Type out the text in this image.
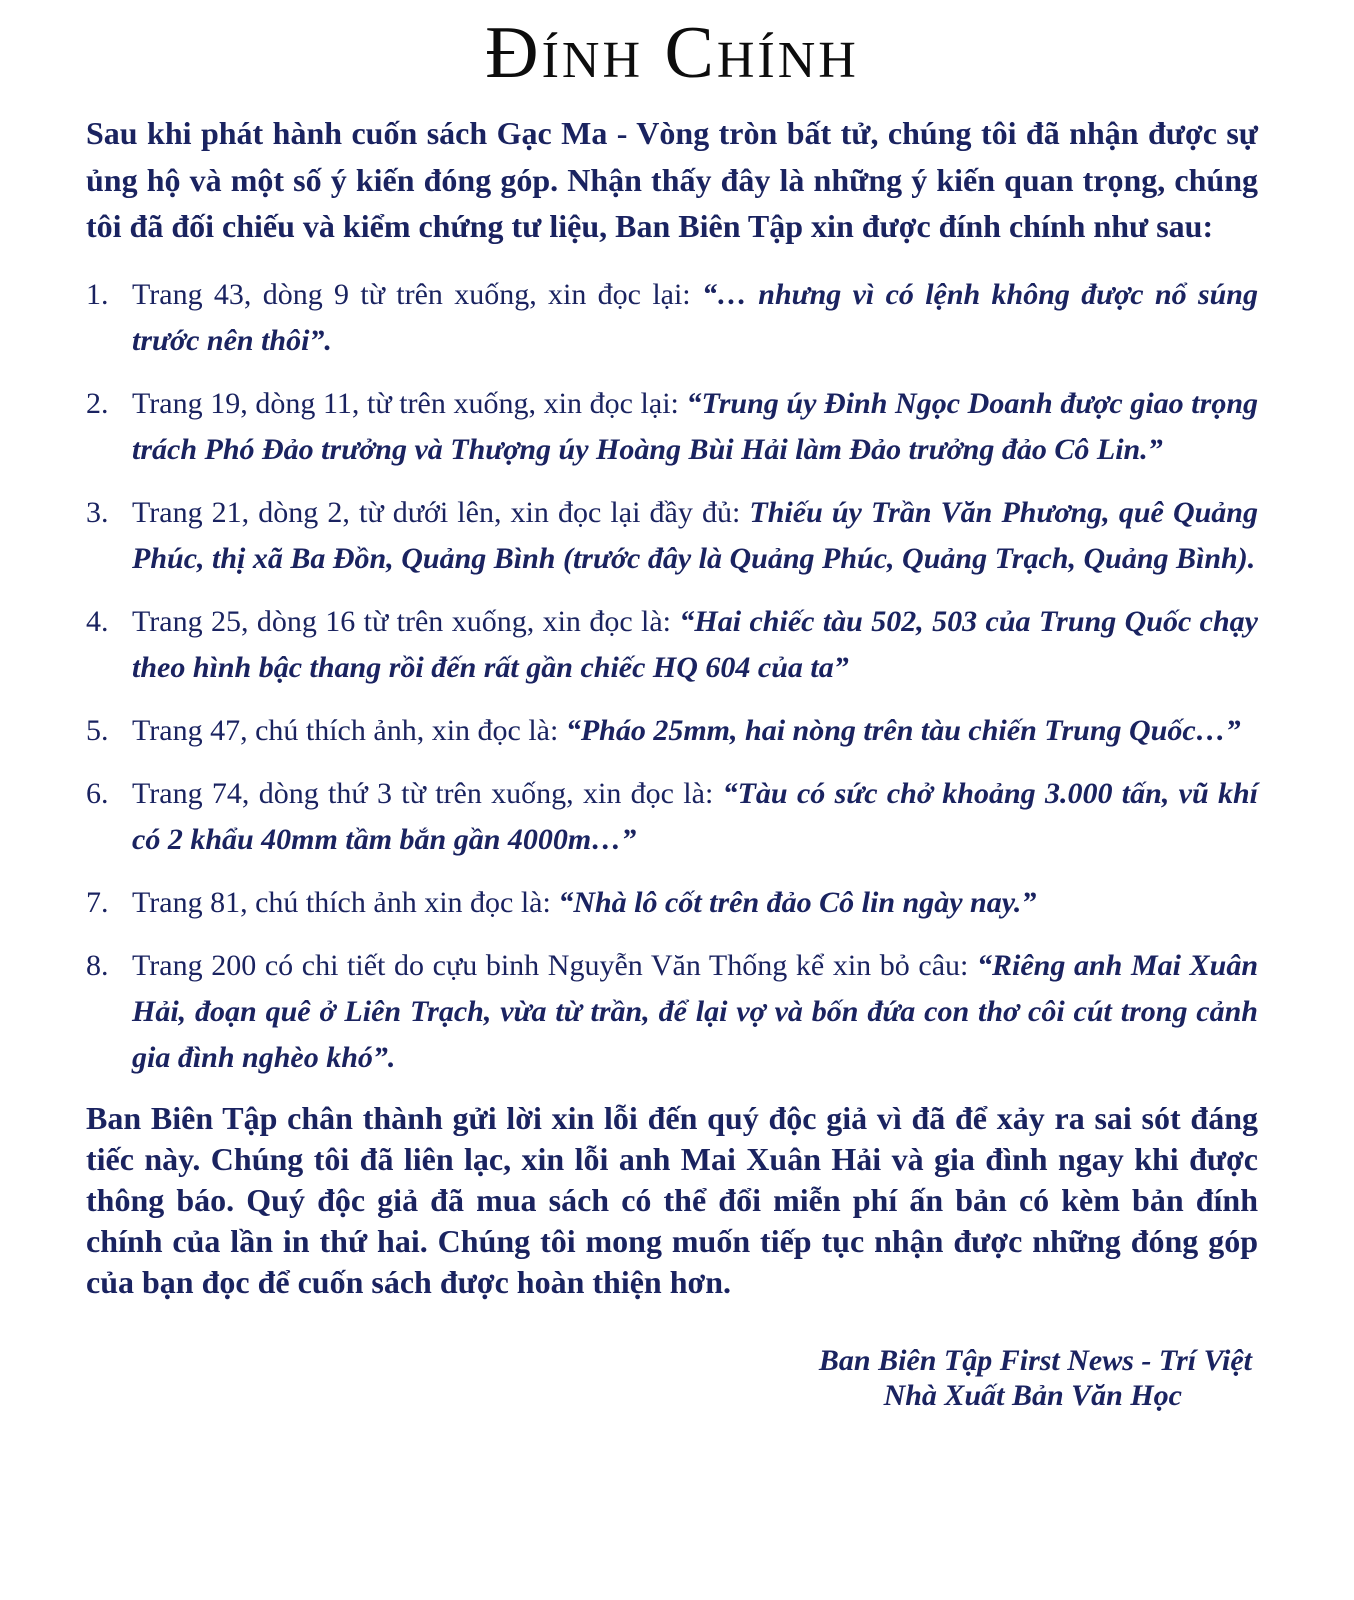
Đính Chính

Sau khi phát hành cuốn sách Gạc Ma - Vòng tròn bất tử, chúng tôi đã nhận được sự ủng hộ và một số ý kiến đóng góp. Nhận thấy đây là những ý kiến quan trọng, chúng tôi đã đối chiếu và kiểm chứng tư liệu, Ban Biên Tập xin được đính chính như sau:

1. Trang 43, dòng 9 từ trên xuống, xin đọc lại: “… nhưng vì có lệnh không được nổ súng trước nên thôi”.
2. Trang 19, dòng 11, từ trên xuống, xin đọc lại: “Trung úy Đinh Ngọc Doanh được giao trọng trách Phó Đảo trưởng và Thượng úy Hoàng Bùi Hải làm Đảo trưởng đảo Cô Lin.”
3. Trang 21, dòng 2, từ dưới lên, xin đọc lại đầy đủ: Thiếu úy Trần Văn Phương, quê Quảng Phúc, thị xã Ba Đồn, Quảng Bình (trước đây là Quảng Phúc, Quảng Trạch, Quảng Bình).
4. Trang 25, dòng 16 từ trên xuống, xin đọc là: “Hai chiếc tàu 502, 503 của Trung Quốc chạy theo hình bậc thang rồi đến rất gần chiếc HQ 604 của ta”
5. Trang 47, chú thích ảnh, xin đọc là: “Pháo 25mm, hai nòng trên tàu chiến Trung Quốc…”
6. Trang 74, dòng thứ 3 từ trên xuống, xin đọc là: “Tàu có sức chở khoảng 3.000 tấn, vũ khí có 2 khẩu 40mm tầm bắn gần 4000m…”
7. Trang 81, chú thích ảnh xin đọc là: “Nhà lô cốt trên đảo Cô lin ngày nay.”
8. Trang 200 có chi tiết do cựu binh Nguyễn Văn Thống kể xin bỏ câu: “Riêng anh Mai Xuân Hải, đoạn quê ở Liên Trạch, vừa từ trần, để lại vợ và bốn đứa con thơ côi cút trong cảnh gia đình nghèo khó”.

Ban Biên Tập chân thành gửi lời xin lỗi đến quý độc giả vì đã để xảy ra sai sót đáng tiếc này. Chúng tôi đã liên lạc, xin lỗi anh Mai Xuân Hải và gia đình ngay khi được thông báo. Quý độc giả đã mua sách có thể đổi miễn phí ấn bản có kèm bản đính chính của lần in thứ hai. Chúng tôi mong muốn tiếp tục nhận được những đóng góp của bạn đọc để cuốn sách được hoàn thiện hơn.

Ban Biên Tập First News - Trí Việt
Nhà Xuất Bản Văn Học
